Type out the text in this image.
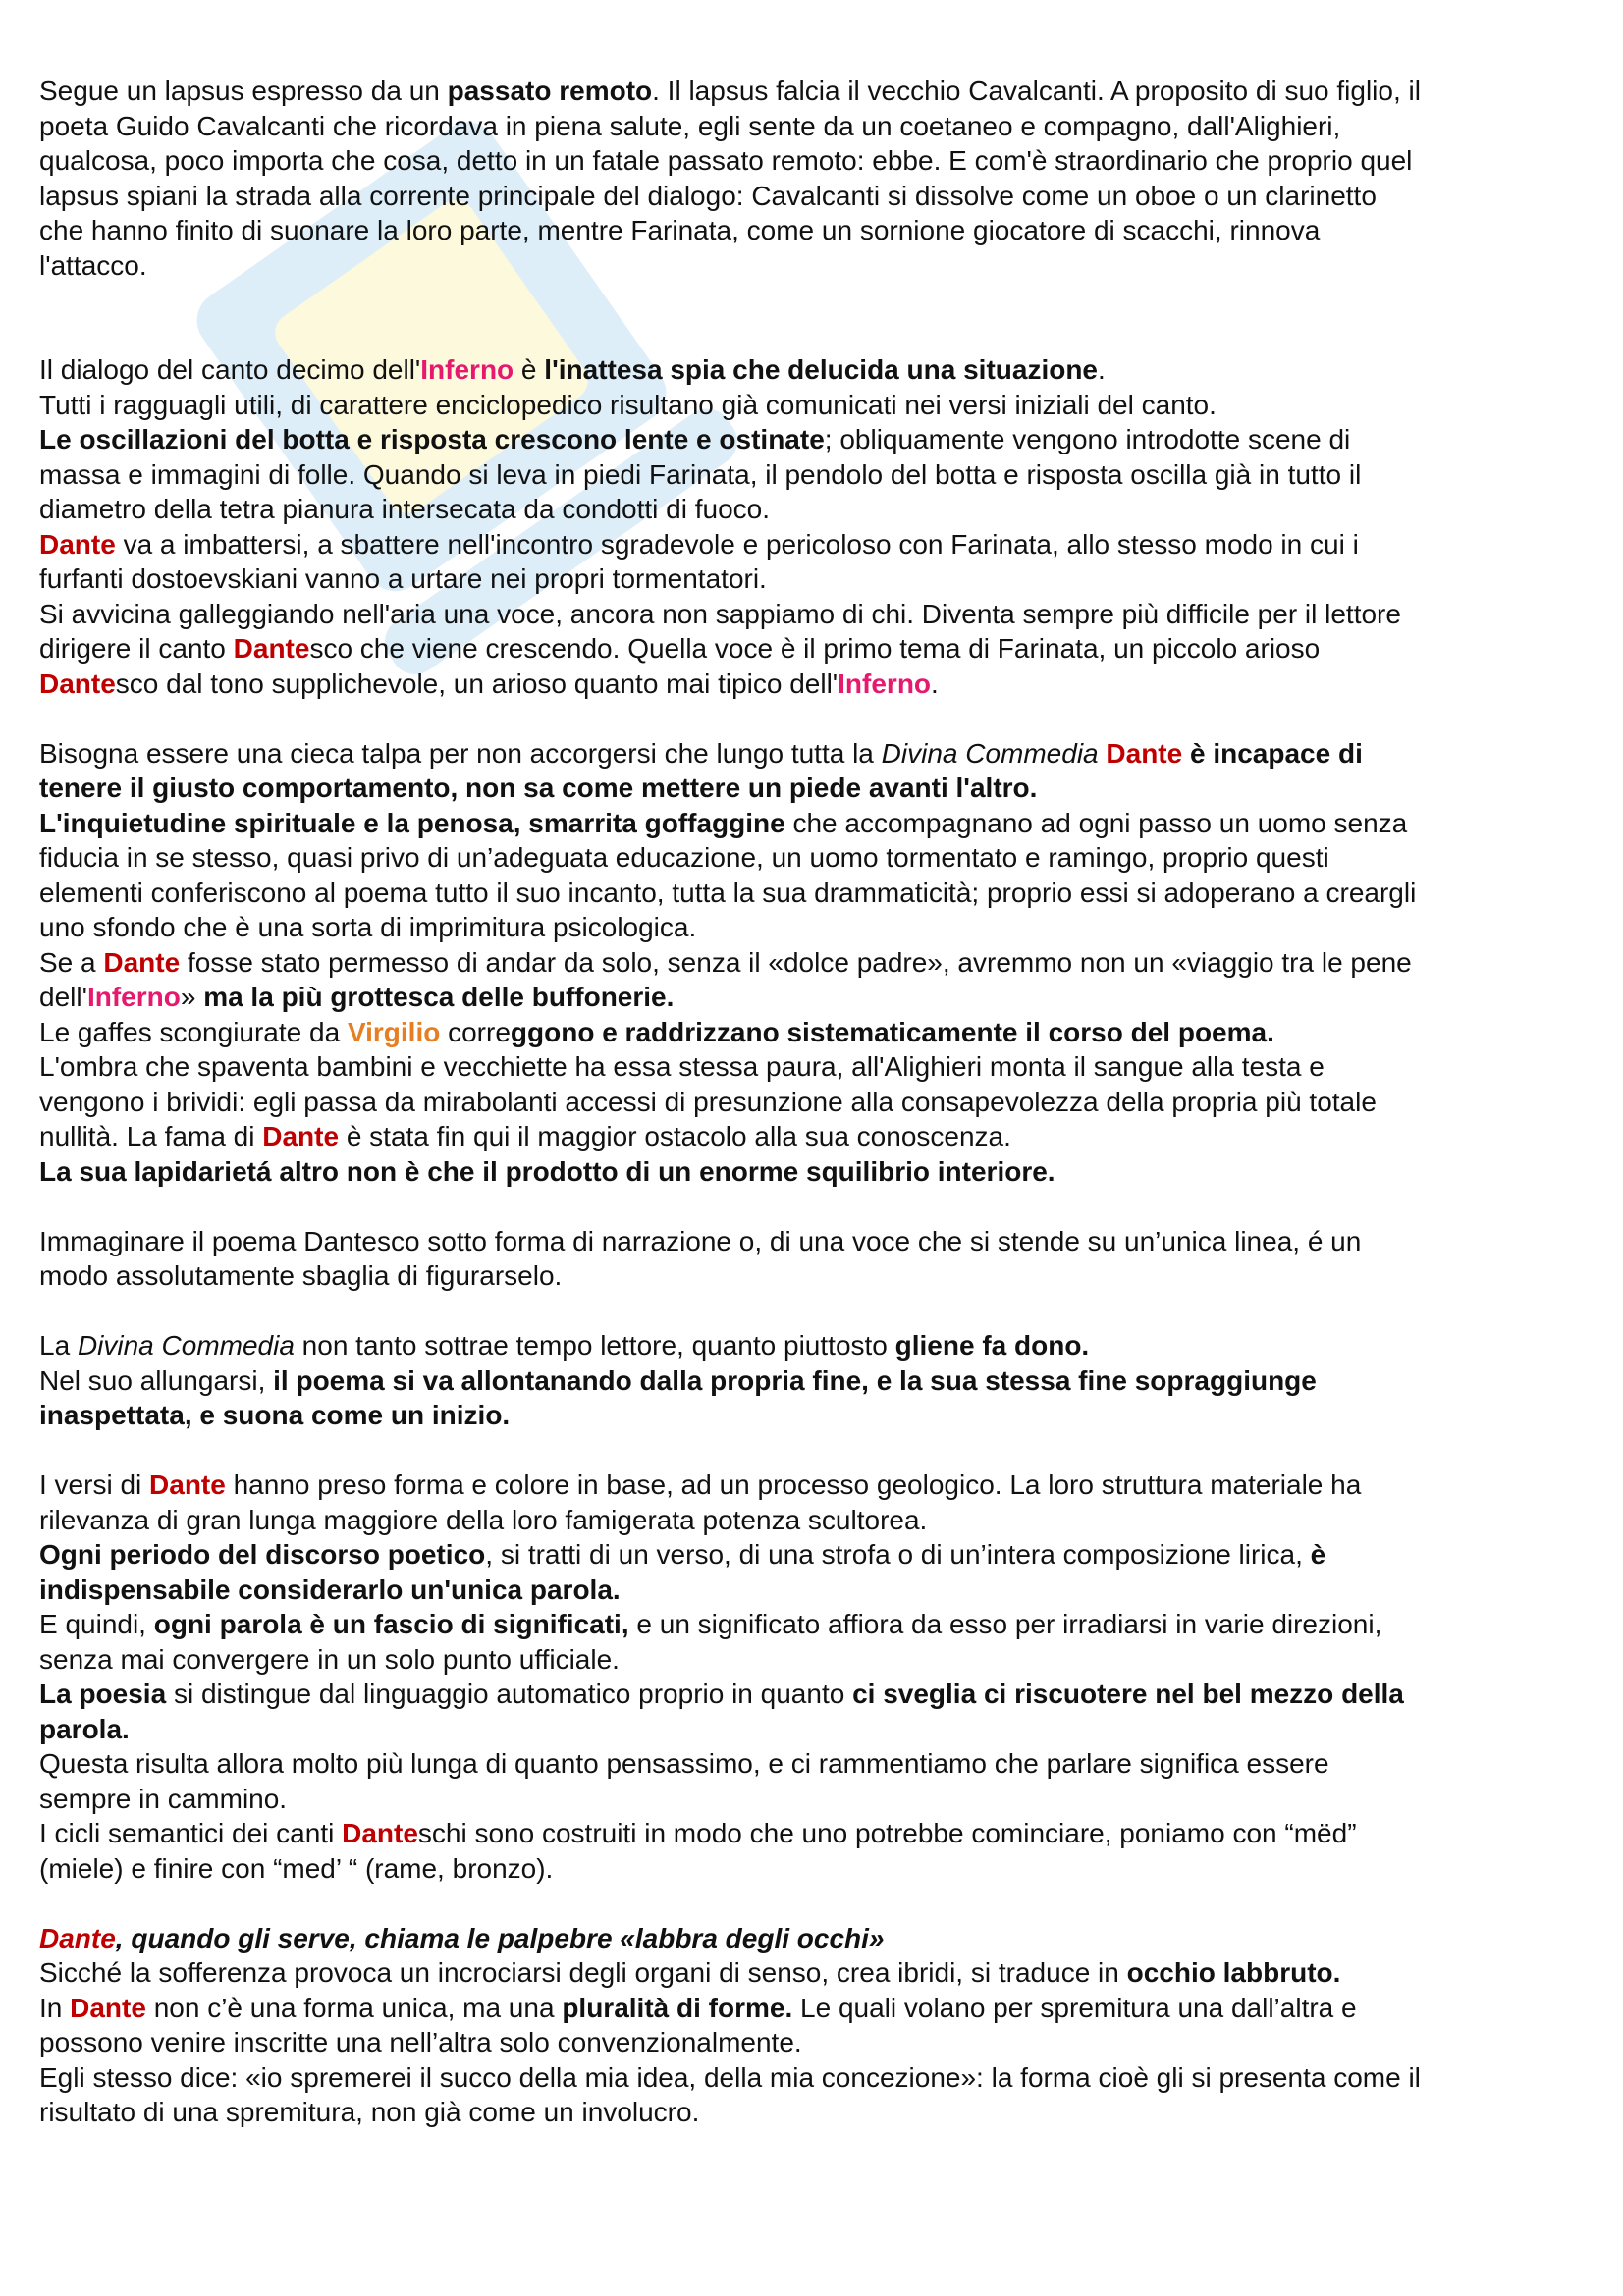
Segue un lapsus espresso da un passato remoto. Il lapsus falcia il vecchio Cavalcanti. A proposito di suo figlio, il
poeta Guido Cavalcanti che ricordava in piena salute, egli sente da un coetaneo e compagno, dall'Alighieri,
qualcosa, poco importa che cosa, detto in un fatale passato remoto: ebbe. E com'è straordinario che proprio quel
lapsus spiani la strada alla corrente principale del dialogo: Cavalcanti si dissolve come un oboe o un clarinetto
che hanno finito di suonare la loro parte, mentre Farinata, come un sornione giocatore di scacchi, rinnova
l'attacco.
Il dialogo del canto decimo dell'Inferno è l'inattesa spia che delucida una situazione.
Tutti i ragguagli utili, di carattere enciclopedico risultano già comunicati nei versi iniziali del canto.
Le oscillazioni del botta e risposta crescono lente e ostinate; obliquamente vengono introdotte scene di
massa e immagini di folle. Quando si leva in piedi Farinata, il pendolo del botta e risposta oscilla già in tutto il
diametro della tetra pianura intersecata da condotti di fuoco.
Dante va a imbattersi, a sbattere nell'incontro sgradevole e pericoloso con Farinata, allo stesso modo in cui i
furfanti dostoevskiani vanno a urtare nei propri tormentatori.
Si avvicina galleggiando nell'aria una voce, ancora non sappiamo di chi. Diventa sempre più difficile per il lettore
dirigere il canto Dantesco che viene crescendo. Quella voce è il primo tema di Farinata, un piccolo arioso
Dantesco dal tono supplichevole, un arioso quanto mai tipico dell'Inferno.
Bisogna essere una cieca talpa per non accorgersi che lungo tutta la Divina Commedia Dante è incapace di
tenere il giusto comportamento, non sa come mettere un piede avanti l'altro.
L'inquietudine spirituale e la penosa, smarrita goffaggine che accompagnano ad ogni passo un uomo senza
fiducia in se stesso, quasi privo di un’adeguata educazione, un uomo tormentato e ramingo, proprio questi
elementi conferiscono al poema tutto il suo incanto, tutta la sua drammaticità; proprio essi si adoperano a creargli
uno sfondo che è una sorta di imprimitura psicologica.
Se a Dante fosse stato permesso di andar da solo, senza il «dolce padre», avremmo non un «viaggio tra le pene
dell'Inferno» ma la più grottesca delle buffonerie.
Le gaffes scongiurate da Virgilio correggono e raddrizzano sistematicamente il corso del poema.
L'ombra che spaventa bambini e vecchiette ha essa stessa paura, all'Alighieri monta il sangue alla testa e
vengono i brividi: egli passa da mirabolanti accessi di presunzione alla consapevolezza della propria più totale
nullità. La fama di Dante è stata fin qui il maggior ostacolo alla sua conoscenza.
La sua lapidarietá altro non è che il prodotto di un enorme squilibrio interiore.
Immaginare il poema Dantesco sotto forma di narrazione o, di una voce che si stende su un’unica linea, é un
modo assolutamente sbaglia di figurarselo.
La Divina Commedia non tanto sottrae tempo lettore, quanto piuttosto gliene fa dono.
Nel suo allungarsi, il poema si va allontanando dalla propria fine, e la sua stessa fine sopraggiunge
inaspettata, e suona come un inizio.
I versi di Dante hanno preso forma e colore in base, ad un processo geologico. La loro struttura materiale ha
rilevanza di gran lunga maggiore della loro famigerata potenza scultorea.
Ogni periodo del discorso poetico, si tratti di un verso, di una strofa o di un’intera composizione lirica, è
indispensabile considerarlo un'unica parola.
E quindi, ogni parola è un fascio di significati, e un significato affiora da esso per irradiarsi in varie direzioni,
senza mai convergere in un solo punto ufficiale.
La poesia si distingue dal linguaggio automatico proprio in quanto ci sveglia ci riscuotere nel bel mezzo della
parola.
Questa risulta allora molto più lunga di quanto pensassimo, e ci rammentiamo che parlare significa essere
sempre in cammino.
I cicli semantici dei canti Danteschi sono costruiti in modo che uno potrebbe cominciare, poniamo con “mëd”
(miele) e finire con “med’ “ (rame, bronzo).
Dante, quando gli serve, chiama le palpebre «labbra degli occhi»
Sicché la sofferenza provoca un incrociarsi degli organi di senso, crea ibridi, si traduce in occhio labbruto.
In Dante non c’è una forma unica, ma una pluralità di forme. Le quali volano per spremitura una dall’altra e
possono venire inscritte una nell’altra solo convenzionalmente.
Egli stesso dice: «io spremerei il succo della mia idea, della mia concezione»: la forma cioè gli si presenta come il
risultato di una spremitura, non già come un involucro.
